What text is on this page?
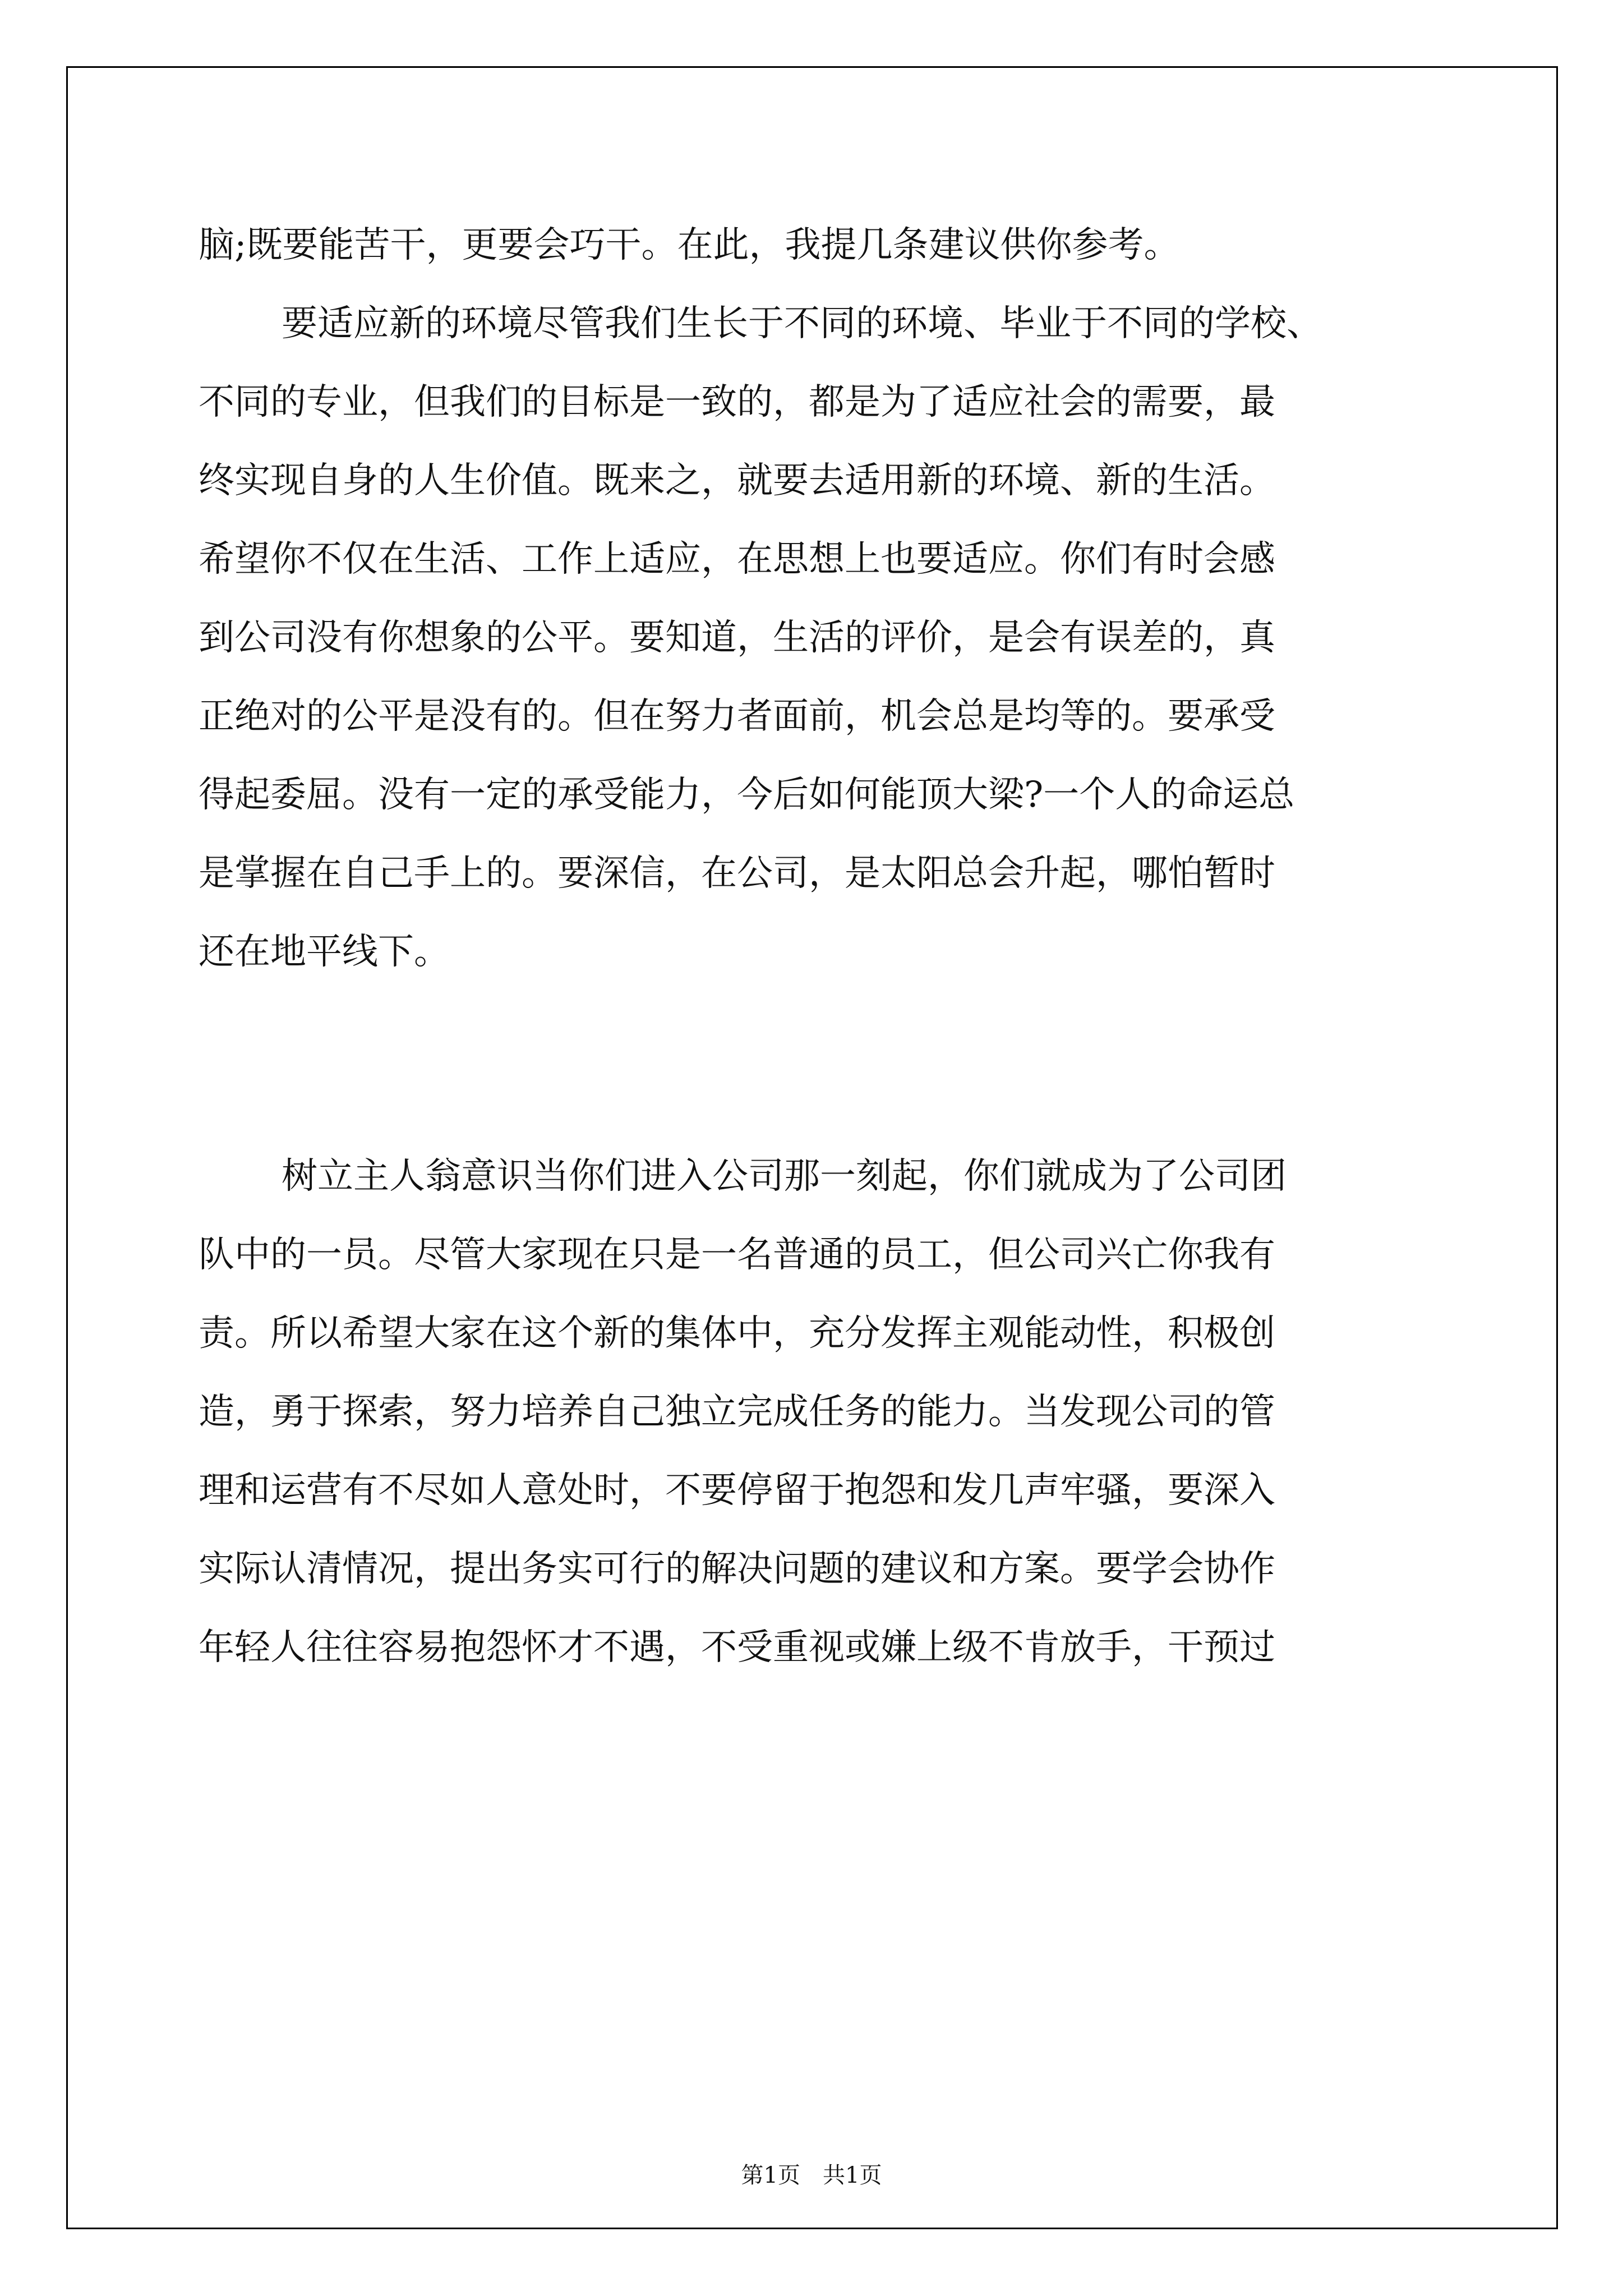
脑;既要能苦干，更要会巧干。在此，我提几条建议供你参考。
要适应新的环境尽管我们生长于不同的环境、毕业于不同的学校、
不同的专业，但我们的目标是一致的，都是为了适应社会的需要，最
终实现自身的人生价值。既来之，就要去适用新的环境、新的生活。
希望你不仅在生活、工作上适应，在思想上也要适应。你们有时会感
到公司没有你想象的公平。要知道，生活的评价，是会有误差的，真
正绝对的公平是没有的。但在努力者面前，机会总是均等的。要承受
得起委屈。没有一定的承受能力，今后如何能顶大梁?一个人的命运总
是掌握在自己手上的。要深信，在公司，是太阳总会升起，哪怕暂时
还在地平线下。
树立主人翁意识当你们进入公司那一刻起，你们就成为了公司团
队中的一员。尽管大家现在只是一名普通的员工，但公司兴亡你我有
责。所以希望大家在这个新的集体中，充分发挥主观能动性，积极创
造，勇于探索，努力培养自己独立完成任务的能力。当发现公司的管
理和运营有不尽如人意处时，不要停留于抱怨和发几声牢骚，要深入
实际认清情况，提出务实可行的解决问题的建议和方案。要学会协作
年轻人往往容易抱怨怀才不遇，不受重视或嫌上级不肯放手，干预过
第1页　共1页
